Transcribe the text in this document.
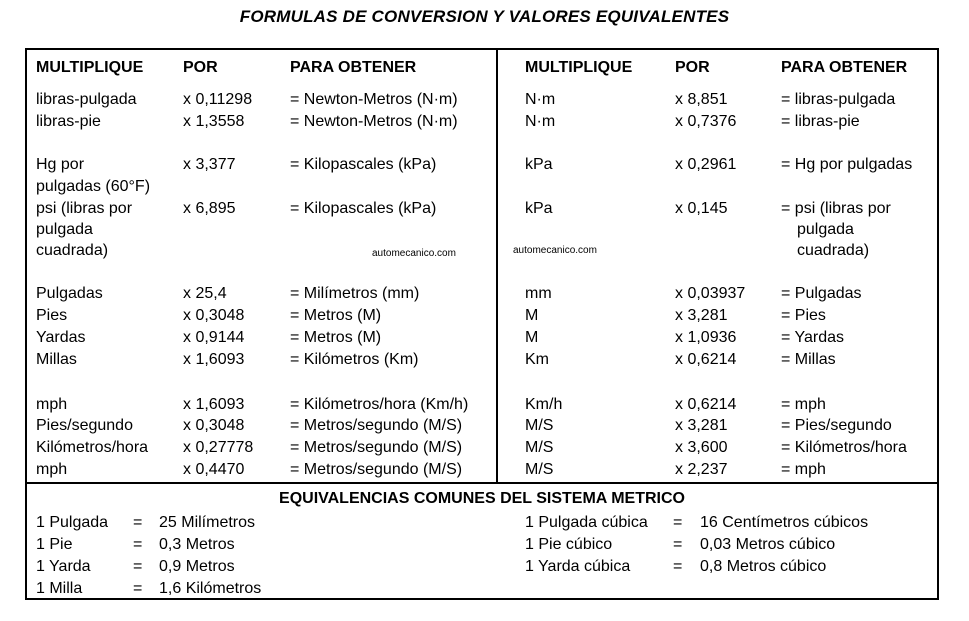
FORMULAS DE CONVERSION Y VALORES EQUIVALENTES
MULTIPLIQUE POR	PARA OBTENER	MULTIPLIQUE	POR	PARA OBTENER
libras-pulgada	x 0,11298 = Newton-Metros (N·m)
libras-pie	x 1,3558	= Newton-Metros (N·m)
Hg por	x 3,377	= Kilopascales (kPa)
pulgadas (60°F)
psi (libras por	x 6,895	= Kilopascales (kPa)
pulgada
cuadrada)
Pulgadas	x 25,4	= Milímetros (mm)
Pies	x 0,3048	= Metros (M)
Yardas	x 0,9144	= Metros (M)
Millas	x 1,6093	= Kilómetros (Km)
mph	x 1,6093	= Kilómetros/hora (Km/h)
Pies/segundo	x 0,3048	= Metros/segundo (M/S)
Kilómetros/hora x 0,27778 = Metros/segundo (M/S)
mph	x 0,4470	= Metros/segundo (M/S)
N·m	x 8,851	= libras-pulgada
N·m	x 0,7376	= libras-pie
kPa	x 0,2961	= Hg por pulgadas
kPa	x 0,145	= psi (libras por
pulgada
cuadrada)
mm	x 0,03937 = Pulgadas
M	x 3,281	= Pies
M	x 1,0936	= Yardas
Km	x 0,6214	= Millas
Km/h	x 0,6214	= mph
M/S	x 3,281	= Pies/segundo
M/S	x 3,600	= Kilómetros/hora
M/S	x 2,237	= mph
automecanico.com	automecanico.com
EQUIVALENCIAS COMUNES DEL SISTEMA METRICO
1 Pulgada = 25 Milímetros
1 Pie	= 0,3 Metros
1 Yarda	= 0,9 Metros
1 Milla	= 1,6 Kilómetros
1 Pulgada cúbica = 16 Centímetros cúbicos
1 Pie cúbico	= 0,03 Metros cúbico
1 Yarda cúbica	= 0,8 Metros cúbico
